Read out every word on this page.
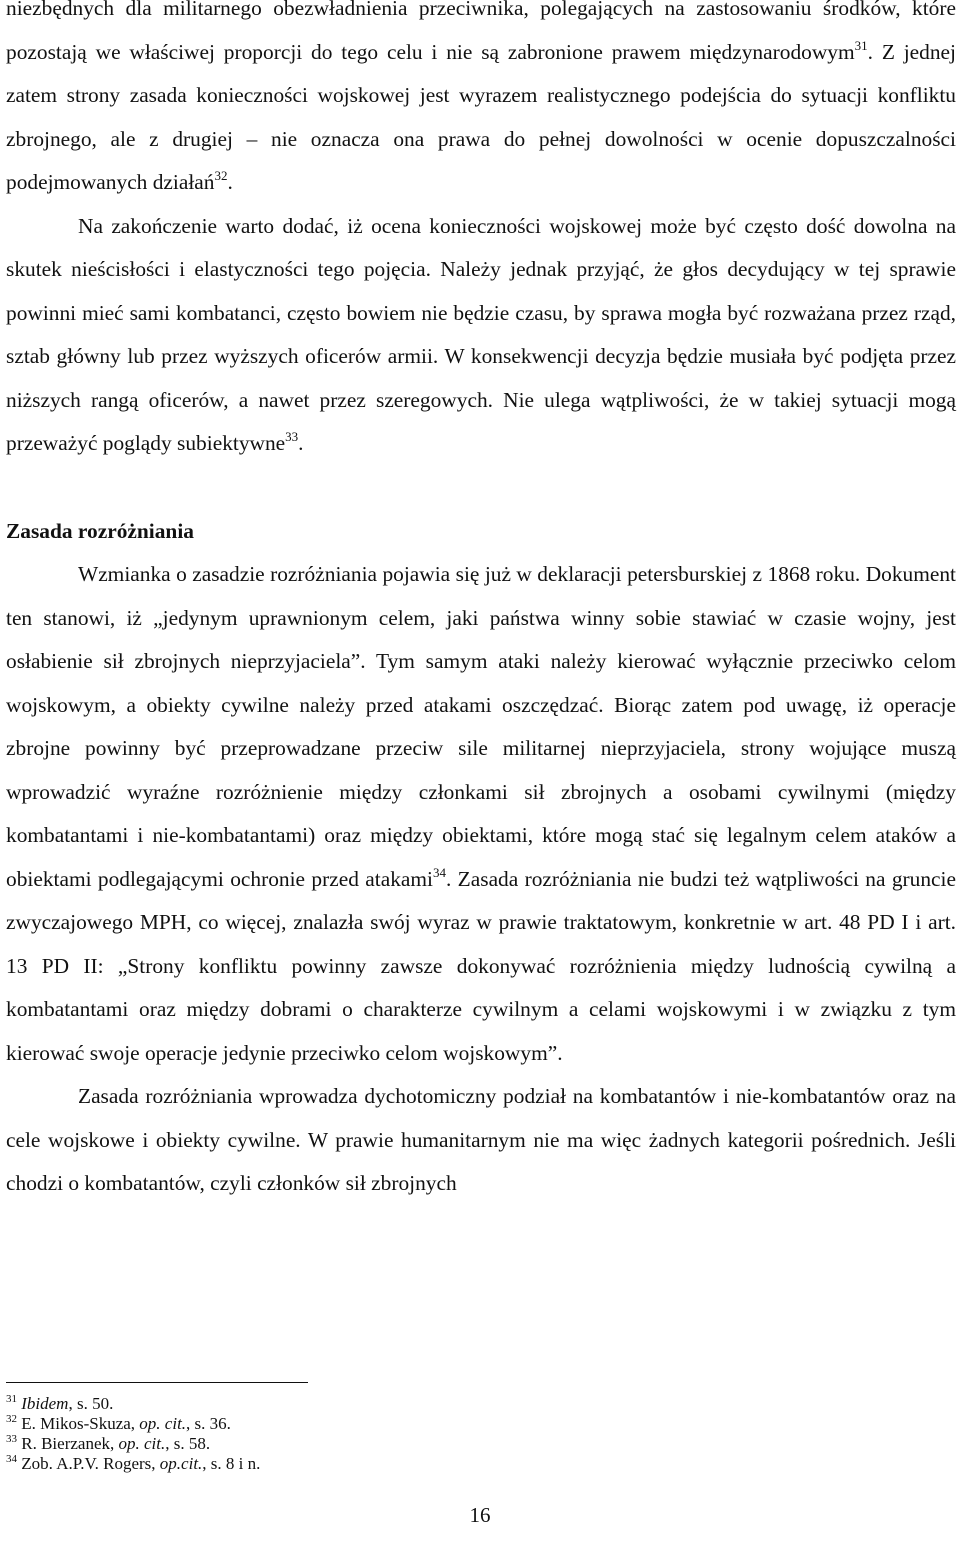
niezbędnych dla militarnego obezwładnienia przeciwnika, polegających na zastosowaniu środków, które pozostają we właściwej proporcji do tego celu i nie są zabronione prawem międzynarodowym$^{31}$. Z jednej zatem strony zasada konieczności wojskowej jest wyrazem realistycznego podejścia do sytuacji konfliktu zbrojnego, ale z drugiej – nie oznacza ona prawa do pełnej dowolności w ocenie dopuszczalności podejmowanych działań$^{32}$.

Na zakończenie warto dodać, iż ocena konieczności wojskowej może być często dość dowolna na skutek nieścisłości i elastyczności tego pojęcia. Należy jednak przyjąć, że głos decydujący w tej sprawie powinni mieć sami kombatanci, często bowiem nie będzie czasu, by sprawa mogła być rozważana przez rząd, sztab główny lub przez wyższych oficerów armii. W konsekwencji decyzja będzie musiała być podjęta przez niższych rangą oficerów, a nawet przez szeregowych. Nie ulega wątpliwości, że w takiej sytuacji mogą przeważyć poglądy subiektywne$^{33}$.

Zasada rozróżniania

Wzmianka o zasadzie rozróżniania pojawia się już w deklaracji petersburskiej z 1868 roku. Dokument ten stanowi, iż „jedynym uprawnionym celem, jaki państwa winny sobie stawiać w czasie wojny, jest osłabienie sił zbrojnych nieprzyjaciela”. Tym samym ataki należy kierować wyłącznie przeciwko celom wojskowym, a obiekty cywilne należy przed atakami oszczędzać. Biorąc zatem pod uwagę, iż operacje zbrojne powinny być przeprowadzane przeciw sile militarnej nieprzyjaciela, strony wojujące muszą wprowadzić wyraźne rozróżnienie między członkami sił zbrojnych a osobami cywilnymi (między kombatantami i nie-kombatantami) oraz między obiektami, które mogą stać się legalnym celem ataków a obiektami podlegającymi ochronie przed atakami$^{34}$. Zasada rozróżniania nie budzi też wątpliwości na gruncie zwyczajowego MPH, co więcej, znalazła swój wyraz w prawie traktatowym, konkretnie w art. 48 PD I i art. 13 PD II: „Strony konfliktu powinny zawsze dokonywać rozróżnienia między ludnością cywilną a kombatantami oraz między dobrami o charakterze cywilnym a celami wojskowymi i w związku z tym kierować swoje operacje jedynie przeciwko celom wojskowym”.

Zasada rozróżniania wprowadza dychotomiczny podział na kombatantów i nie-kombatantów oraz na cele wojskowe i obiekty cywilne. W prawie humanitarnym nie ma więc żadnych kategorii pośrednich. Jeśli chodzi o kombatantów, czyli członków sił zbrojnych

$^{31}$ Ibidem, s. 50.
$^{32}$ E. Mikos-Skuza, op. cit., s. 36.
$^{33}$ R. Bierzanek, op. cit., s. 58.
$^{34}$ Zob. A.P.V. Rogers, op.cit., s. 8 i n.
16
